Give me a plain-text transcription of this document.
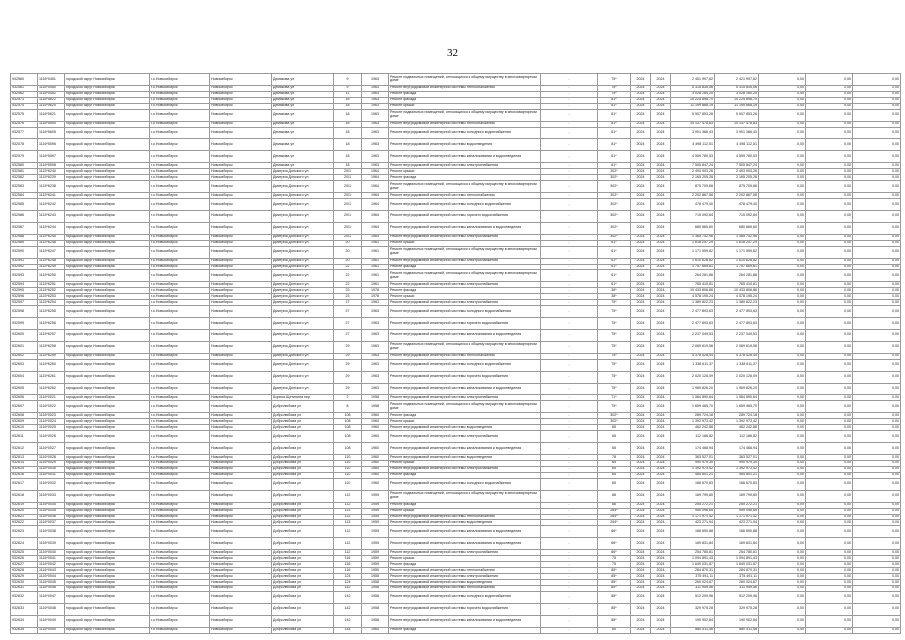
32
932560	1116*0451	городской округ Новосибирск	г.о.Новосибирск	Новосибирск	Демакова ул	9	1963	Ремонт подвальных помещений, относящихся к общему имуществу в многоквартирном доме	-	75*	2024	2024	2 451 997,62	2 421 997,62	0,00	0,00	0,00
932561	1116*0450	городской округ Новосибирск	г.о.Новосибирск	Новосибирск	Демакова ул	9	1963	Ремонт внутридомовой инженерной системы теплоснабжения	-	75*	2024	2024	5 315 835,06	5 315 835,06	0,00	0,00	0,00
932562	1116*0452	городской округ Новосибирск	г.о.Новосибирск	Новосибирск	Демакова ул	11	1963	Ремонт фасада	-	75*	2024	2024	3 028 160,20	3 028 160,20	0,00	0,00	0,00
932573	1116*5622	городской округ Новосибирск	г.о.Новосибирск	Новосибирск	Демакова ул	18	1963	Ремонт фасада	-	81*	2024	2024	10 225 898,70	10 225 898,70	0,00	0,00	0,00
932574	1116*5620	городской округ Новосибирск	г.о.Новосибирск	Новосибирск	Демакова ул	18	1963	Ремонт крыши	-	81*	2024	2024	11 199 868,19	11 199 868,19	0,00	0,00	0,00
932575	1116*5621	городской округ Новосибирск	г.о.Новосибирск	Новосибирск	Демакова ул	18	1963	Ремонт подвальных помещений, относящихся к общему имуществу в многоквартирном доме	-	81*	2024	2024	5 507 853,26	5 507 853,26	0,00	0,00	0,00
932576	1116*5594	городской округ Новосибирск	г.о.Новосибирск	Новосибирск	Демакова ул	18	1963	Ремонт внутридомовой инженерной системы теплоснабжения	-	81*	2024	2024	14 137 478,83	14 137 478,83	0,00	0,00	0,00
932577	1116*5605	городской округ Новосибирск	г.о.Новосибирск	Новосибирск	Демакова ул	18	1963	Ремонт внутридомовой инженерной системы холодного водоснабжения	-	81*	2024	2024	3 901 366,43	3 901 366,43	0,00	0,00	0,00
932578	1116*5596	городской округ Новосибирск	г.о.Новосибирск	Новосибирск	Демакова ул	18	1963	Ремонт внутридомовой инженерной системы водоотведения	-	81*	2024	2024	4 498 112,51	4 498 112,51	0,00	0,00	0,00
932579	1116*5597	городской округ Новосибирск	г.о.Новосибирск	Новосибирск	Демакова ул	18	1963	Ремонт внутридомовой инженерной системы канализования и водоотведения	-	81*	2024	2024	4 559 780,53	4 559 780,53	0,00	0,00	0,00
932580	1116*5598	городской округ Новосибирск	г.о.Новосибирск	Новосибирск	Демакова ул	18	1963	Ремонт внутридомовой инженерной системы электроснабжения	-	81*	2024	2024	7 505 847,24	7 505 847,24	0,00	0,00	0,00
932581	1115*6240	городской округ Новосибирск	г.о.Новосибирск	Новосибирск	Дмитрия Донского ул	20/1	1964	Ремонт крыши	-	302*	2024	2024	2 493 903,26	2 493 903,26	0,00	0,00	0,00
932582	1115*6239	городской округ Новосибирск	г.о.Новосибирск	Новосибирск	Дмитрия Донского ул	20/1	1964	Ремонт фасада	-	302*	2024	2024	2 165 205,28	2 165 205,28	0,00	0,00	0,00
932583	1115*6238	городской округ Новосибирск	г.о.Новосибирск	Новосибирск	Дмитрия Донского ул	20/1	1964	Ремонт подвальных помещений, относящихся к общему имуществу в многоквартирном доме	-	302*	2024	2024	875 709,66	875 709,66	0,00	0,00	0,00
932584	1115*6241	городской округ Новосибирск	г.о.Новосибирск	Новосибирск	Дмитрия Донского ул	20/1	1964	Ремонт внутридомовой инженерной системы теплоснабжения	-	302*	2024	2024	2 202 867,58	2 202 867,58	0,00	0,00	0,00
932585	1115*6242	городской округ Новосибирск	г.о.Новосибирск	Новосибирск	Дмитрия Донского ул	20/1	1964	Ремонт внутридомовой инженерной системы холодного водоснабжения	-	302*	2024	2024	478 479,40	478 479,40	0,00	0,00	0,00
932586	1115*6243	городской округ Новосибирск	г.о.Новосибирск	Новосибирск	Дмитрия Донского ул	20/1	1964	Ремонт внутридомовой инженерной системы горячего водоснабжения	-	302*	2024	2024	715 092,84	715 092,84	0,00	0,00	0,00
932587	1115*6244	городской округ Новосибирск	г.о.Новосибирск	Новосибирск	Дмитрия Донского ул	20/1	1964	Ремонт внутридомовой инженерной системы канализования и водоотведения	-	302*	2024	2024	680 665,60	680 665,60	0,00	0,00	0,00
932588	1115*6245	городской округ Новосибирск	г.о.Новосибирск	Новосибирск	Дмитрия Донского ул	20/1	1964	Ремонт внутридомовой инженерной системы электроснабжения	-	302*	2024	2024	1 365 742,96	1 365 742,96	0,00	0,00	0,00
932589	1115*6246	городской округ Новосибирск	г.о.Новосибирск	Новосибирск	Дмитрия Донского ул	20	1961	Ремонт крыши	-	61*	2024	2024	1 618 257,29	1 618 257,29	0,00	0,00	0,00
932590	1115*6247	городской округ Новосибирск	г.о.Новосибирск	Новосибирск	Дмитрия Донского ул	20	1961	Ремонт подвальных помещений, относящихся к общему имуществу в многоквартирном доме	-	61*	2024	2024	1 171 559,62	1 171 559,62	0,00	0,00	0,00
932591	1115*6248	городской округ Новосибирск	г.о.Новосибирск	Новосибирск	Дмитрия Донского ул	20	1961	Ремонт внутридомовой инженерной системы электроснабжения	-	61*	2024	2024	1 610 628,82	1 610 628,82	0,00	0,00	0,00
932592	1115*6249	городской округ Новосибирск	г.о.Новосибирск	Новосибирск	Дмитрия Донского ул	22	1961	Ремонт фасада	-	61*	2024	2024	1 797 669,61	1 797 669,61	0,00	0,00	0,00
932593	1115*6250	городской округ Новосибирск	г.о.Новосибирск	Новосибирск	Дмитрия Донского ул	22	1961	Ремонт подвальных помещений, относящихся к общему имуществу в многоквартирном доме	-	61*	2024	2024	264 281,86	264 281,86	0,00	0,00	0,00
932594	1115*6251	городской округ Новосибирск	г.о.Новосибирск	Новосибирск	Дмитрия Донского ул	22	1961	Ремонт внутридомовой инженерной системы электроснабжения	-	61*	2024	2024	765 410,81	765 410,81	0,00	0,00	0,00
932595	1115*6252	городской округ Новосибирск	г.о.Новосибирск	Новосибирск	Дмитрия Донского ул	23	1978	Ремонт фасада	-	38*	2024	2024	10 433 806,86	10 433 806,86	0,00	0,00	0,00
932596	1115*6253	городской округ Новосибирск	г.о.Новосибирск	Новосибирск	Дмитрия Донского ул	23	1978	Ремонт крыши	-	38*	2024	2024	4 578 195,24	4 578 195,24	0,00	0,00	0,00
932597	1115*6254	городской округ Новосибирск	г.о.Новосибирск	Новосибирск	Дмитрия Донского ул	27	1963	Ремонт внутридомовой инженерной системы электроснабжения	-	75*	2024	2024	1 389 822,23	1 389 822,23	0,00	0,00	0,00
932598	1115*6255	городской округ Новосибирск	г.о.Новосибирск	Новосибирск	Дмитрия Донского ул	27	1963	Ремонт внутридомовой инженерной системы холодного водоснабжения	-	75*	2024	2024	2 477 893,63	2 477 893,63	0,00	0,00	0,00
932599	1115*6256	городской округ Новосибирск	г.о.Новосибирск	Новосибирск	Дмитрия Донского ул	27	1963	Ремонт внутридомовой инженерной системы горячего водоснабжения	-	75*	2024	2024	2 477 893,63	2 477 893,63	0,00	0,00	0,00
932600	1115*6257	городской округ Новосибирск	г.о.Новосибирск	Новосибирск	Дмитрия Донского ул	27	1963	Ремонт внутридомовой инженерной системы канализования и водоотведения	-	75*	2024	2024	2 237 049,53	2 237 049,53	0,00	0,00	0,00
932601	1115*6258	городской округ Новосибирск	г.о.Новосибирск	Новосибирск	Дмитрия Донского ул	29	1963	Ремонт подвальных помещений, относящихся к общему имуществу в многоквартирном доме	-	75*	2024	2024	2 069 619,56	2 069 619,56	0,00	0,00	0,00
932602	1115*6259	городской округ Новосибирск	г.о.Новосибирск	Новосибирск	Дмитрия Донского ул	29	1963	Ремонт внутридомовой инженерной системы теплоснабжения	-	75*	2024	2024	4 378 428,44	4 378 428,44	0,00	0,00	0,00
932603	1115*6260	городской округ Новосибирск	г.о.Новосибирск	Новосибирск	Дмитрия Донского ул	29	1963	Ремонт внутридомовой инженерной системы холодного водоснабжения	-	75*	2024	2024	1 338 611,37	1 338 611,37	0,00	0,00	0,00
932604	1115*6261	городской округ Новосибирск	г.о.Новосибирск	Новосибирск	Дмитрия Донского ул	29	1963	Ремонт внутридомовой инженерной системы горячего водоснабжения	-	75*	2024	2024	2 020 126,09	2 020 126,09	0,00	0,00	0,00
932605	1115*6262	городской округ Новосибирск	г.о.Новосибирск	Новосибирск	Дмитрия Донского ул	29	1963	Ремонт внутридомовой инженерной системы канализования и водоотведения	-	75*	2024	2024	1 969 826,20	1 969 826,20	0,00	0,00	0,00
932606	1116*0021	городской округ Новосибирск	г.о.Новосибирск	Новосибирск	Бориса Щетинина пер	2	1958	Ремонт внутридомовой инженерной системы электроснабжения	-	71*	2024	2024	1 584 890,64	1 584 890,64	0,00	0,00	0,00
932607	1116*0022	городской округ Новосибирск	г.о.Новосибирск	Новосибирск	Добролюбова ул	8	1958	Ремонт подвальных помещений, относящихся к общему имуществу в многоквартирном доме	-	75*	2024	2024	1 659 465,70	1 659 465,70	0,00	0,00	0,00
932608	1116*0023	городской округ Новосибирск	г.о.Новосибирск	Новосибирск	Добролюбова ул	108	1960	Ремонт фасада	-	302*	2024	2024	289 724,18	289 724,18	0,00	0,00	0,00
932609	1116*0024	городской округ Новосибирск	г.о.Новосибирск	Новосибирск	Добролюбова ул	108	1960	Ремонт крыши	-	302*	2024	2024	1 392 973,42	1 392 973,42	0,00	0,00	0,00
932610	1116*0025	городской округ Новосибирск	г.о.Новосибирск	Новосибирск	Добролюбова ул	108	1960	Ремонт внутридомовой инженерной системы водоотведения	-	65	2024	2024	462 242,88	462 242,88	0,00	0,00	0,00
932611	1116*0026	городской округ Новосибирск	г.о.Новосибирск	Новосибирск	Добролюбова ул	108	1960	Ремонт внутридомовой инженерной системы электроснабжения	-	65	2024	2024	112 186,82	112 186,82	0,00	0,00	0,00
932612	1116*0027	городской округ Новосибирск	г.о.Новосибирск	Новосибирск	Добролюбова ул	108	1960	Ремонт внутридомовой инженерной системы канализования и водоотведения	-	65	2024	2024	174 468,94	174 468,94	0,00	0,00	0,00
932613	1116*0028	городской округ Новосибирск	г.о.Новосибирск	Новосибирск	Добролюбова ул	110	1960	Ремонт внутридомовой инженерной системы водоотведения	-	78	2024	2024	363 527,01	363 527,01	0,00	0,00	0,00
932614	1116*0029	городской округ Новосибирск	г.о.Новосибирск	Новосибирск	Добролюбова ул	110	1960	Ремонт крыши	-	65	2024	2024	990 979,30	990 979,30	0,00	0,00	0,00
932615	1116*0030	городской округ Новосибирск	г.о.Новосибирск	Новосибирск	Добролюбова ул	110	1960	Ремонт внутридомовой инженерной системы электроснабжения	-	65	2024	2024	1 392 973,42	1 392 973,42	0,00	0,00	0,00
932616	1116*0031	городской округ Новосибирск	г.о.Новосибирск	Новосибирск	Добролюбова ул	110	1960	Ремонт фасада	-	65	2024	2024	484 801,21	484 801,21	0,00	0,00	0,00
932617	1116*0032	городской округ Новосибирск	г.о.Новосибирск	Новосибирск	Добролюбова ул	110	1960	Ремонт внутридомовой инженерной системы холодного водоснабжения	-	65	2024	2024	166 670,83	166 670,83	0,00	0,00	0,00
932618	1116*0033	городской округ Новосибирск	г.о.Новосибирск	Новосибирск	Добролюбова ул	112	1959	Ремонт подвальных помещений, относящихся к общему имуществу в многоквартирном доме	-	66	2024	2024	169 799,80	169 799,80	0,00	0,00	0,00
932619	1116*0034	городской округ Новосибирск	г.о.Новосибирск	Новосибирск	Добролюбова ул	112	1959	Ремонт фасада	-	66	2024	2024	255 272,21	255 272,21	0,00	0,00	0,00
932620	1116*0035	городской округ Новосибирск	г.о.Новосибирск	Новосибирск	Добролюбова ул	113	1959	Ремонт крыши	-	264*	2024	2024	959 096,65	959 096,65	0,00	0,00	0,00
932621	1116*0036	городской округ Новосибирск	г.о.Новосибирск	Новосибирск	Добролюбова ул	113	1959	Ремонт внутридомовой инженерной системы теплоснабжения	-	264*	2024	2024	1 171 971,42	1 171 971,42	0,00	0,00	0,00
932622	1116*0037	городской округ Новосибирск	г.о.Новосибирск	Новосибирск	Добролюбова ул	113	1959	Ремонт внутридомовой инженерной системы водоотведения	-	264*	2024	2024	423 271,94	423 271,94	0,00	0,00	0,00
932623	1116*0038	городской округ Новосибирск	г.о.Новосибирск	Новосибирск	Добролюбова ул	112	1959	Ремонт внутридомовой инженерной системы канализования и водоотведения	-	66*	2024	2024	166 690,88	166 690,88	0,00	0,00	0,00
932624	1116*0039	городской округ Новосибирск	г.о.Новосибирск	Новосибирск	Добролюбова ул	112	1959	Ремонт внутридомовой инженерной системы канализования и водоотведения	-	66*	2024	2024	169 831,84	169 831,84	0,00	0,00	0,00
932625	1116*0040	городской округ Новосибирск	г.о.Новосибирск	Новосибирск	Добролюбова ул	112	1959	Ремонт внутридомовой инженерной системы электроснабжения	-	66*	2024	2024	254 780,81	254 780,81	0,00	0,00	0,00
932626	1116*0041	городской округ Новосибирск	г.о.Новосибирск	Новосибирск	Добролюбова ул	116	1959	Ремонт крыши	-	75	2024	2024	1 094 891,43	1 094 891,43	0,00	0,00	0,00
932627	1116*0042	городской округ Новосибирск	г.о.Новосибирск	Новосибирск	Добролюбова ул	116	1959	Ремонт фасада	-	75	2024	2024	1 649 031,87	1 649 031,87	0,00	0,00	0,00
932628	1116*0043	городской округ Новосибирск	г.о.Новосибирск	Новосибирск	Добролюбова ул	116	1959	Ремонт внутридомовой инженерной системы теплоснабжения	-	85*	2024	2024	284 870,31	284 870,31	0,00	0,00	0,00
932629	1116*0044	городской округ Новосибирск	г.о.Новосибирск	Новосибирск	Добролюбова ул	124	1958	Ремонт внутридомовой инженерной системы электроснабжения	-	85*	2024	2024	375 491,11	375 491,11	0,00	0,00	0,00
932630	1116*0045	городской округ Новосибирск	г.о.Новосибирск	Новосибирск	Добролюбова ул	124	1958	Ремонт внутридомовой инженерной системы водоотведения	-	85*	2024	2024	260 024,87	260 024,87	0,00	0,00	0,00
932631	1116*0046	городской округ Новосибирск	г.о.Новосибирск	Новосибирск	Добролюбова ул	142	1958	Ремонт внутридомовой инженерной системы теплоснабжения	-	85*	2024	2024	311 959,56	311 959,56	0,00	0,00	0,00
932632	1116*0047	городской округ Новосибирск	г.о.Новосибирск	Новосибирск	Добролюбова ул	142	1958	Ремонт внутридомовой инженерной системы холодного водоснабжения	-	85*	2024	2024	512 209,96	512 209,96	0,00	0,00	0,00
932633	1116*0048	городской округ Новосибирск	г.о.Новосибирск	Новосибирск	Добролюбова ул	142	1958	Ремонт внутридомовой инженерной системы горячего водоснабжения	-	85*	2024	2024	329 975,28	329 975,28	0,00	0,00	0,00
932634	1116*0049	городской округ Новосибирск	г.о.Новосибирск	Новосибирск	Добролюбова ул	142	1958	Ремонт внутридомовой инженерной системы канализования и водоотведения	-	85*	2024	2024	190 902,84	190 902,84	0,00	0,00	0,00
932635	1116*0050	городской округ Новосибирск	г.о.Новосибирск	Новосибирск	Добролюбова ул	144	1960	Ремонт фасада	-	60	2024	2024	880 511,46	880 511,46	0,00	0,00	0,00
